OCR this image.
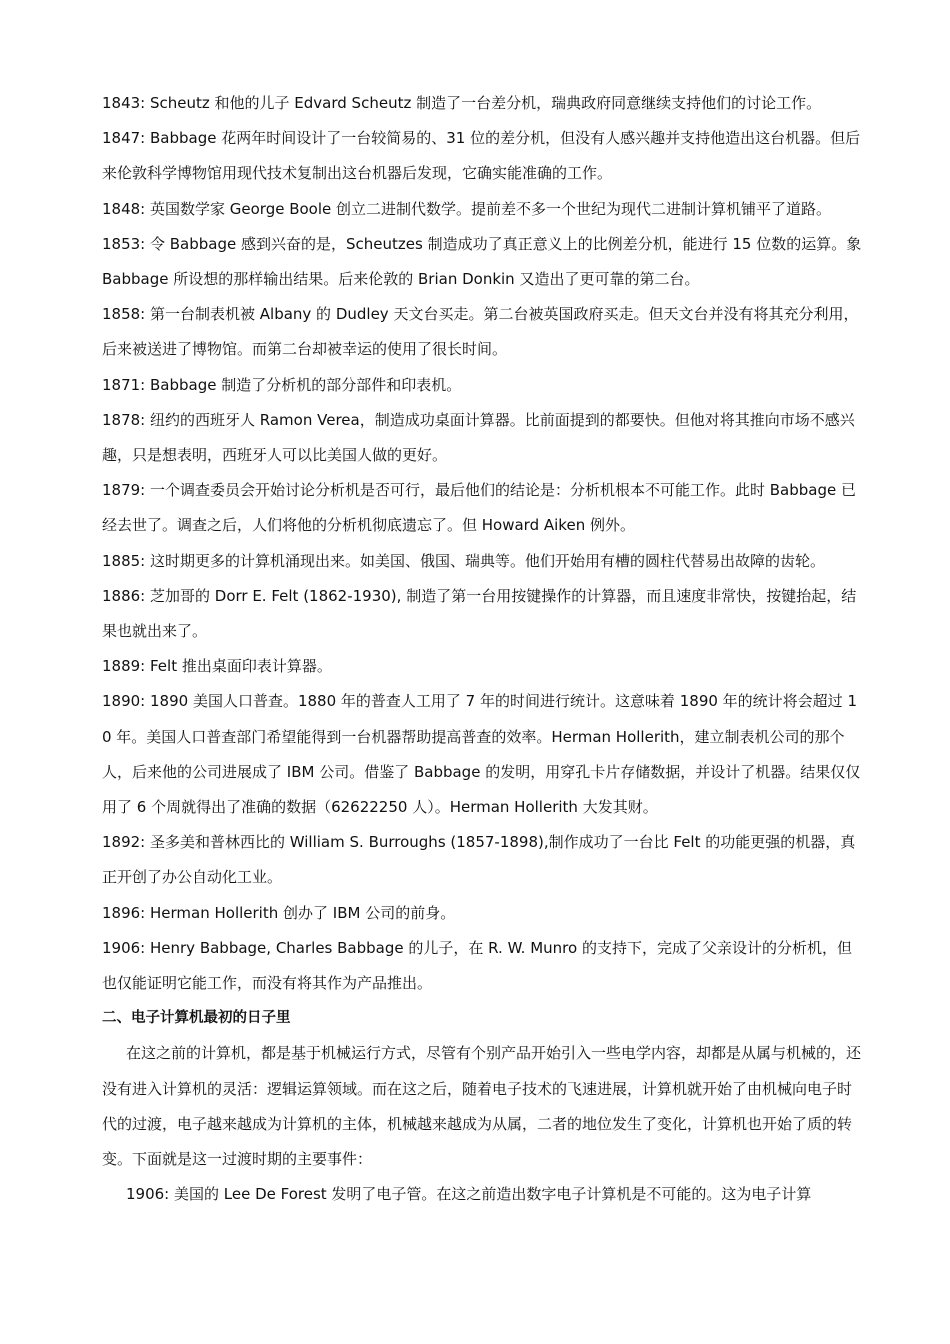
1843: Scheutz 和他的儿子 Edvard Scheutz 制造了一台差分机，瑞典政府同意继续支持他们的讨论工作。

1847: Babbage 花两年时间设计了一台较简易的、31 位的差分机，但没有人感兴趣并支持他造出这台机器。但后来伦敦科学博物馆用现代技术复制出这台机器后发现，它确实能准确的工作。

1848: 英国数学家 George Boole 创立二进制代数学。提前差不多一个世纪为现代二进制计算机铺平了道路。

1853: 令 Babbage 感到兴奋的是，Scheutzes 制造成功了真正意义上的比例差分机，能进行 15 位数的运算。象 Babbage 所设想的那样输出结果。后来伦敦的 Brian Donkin 又造出了更可靠的第二台。

1858: 第一台制表机被 Albany 的 Dudley 天文台买走。第二台被英国政府买走。但天文台并没有将其充分利用，后来被送进了博物馆。而第二台却被幸运的使用了很长时间。

1871: Babbage 制造了分析机的部分部件和印表机。

1878: 纽约的西班牙人 Ramon Verea，制造成功桌面计算器。比前面提到的都要快。但他对将其推向市场不感兴趣，只是想表明，西班牙人可以比美国人做的更好。

1879: 一个调查委员会开始讨论分析机是否可行，最后他们的结论是：分析机根本不可能工作。此时 Babbage 已经去世了。调查之后，人们将他的分析机彻底遗忘了。但 Howard Aiken 例外。

1885: 这时期更多的计算机涌现出来。如美国、俄国、瑞典等。他们开始用有槽的圆柱代替易出故障的齿轮。

1886: 芝加哥的 Dorr E. Felt (1862-1930), 制造了第一台用按键操作的计算器，而且速度非常快，按键抬起，结果也就出来了。

1889: Felt 推出桌面印表计算器。

1890: 1890 美国人口普查。1880 年的普查人工用了 7 年的时间进行统计。这意味着 1890 年的统计将会超过 10 年。美国人口普查部门希望能得到一台机器帮助提高普查的效率。Herman Hollerith，建立制表机公司的那个人，后来他的公司进展成了 IBM 公司。借鉴了 Babbage 的发明，用穿孔卡片存储数据，并设计了机器。结果仅仅用了 6 个周就得出了准确的数据（62622250 人）。Herman Hollerith 大发其财。

1892: 圣多美和普林西比的 William S. Burroughs (1857-1898),制作成功了一台比 Felt 的功能更强的机器，真正开创了办公自动化工业。

1896: Herman Hollerith 创办了 IBM 公司的前身。

1906: Henry Babbage, Charles Babbage 的儿子，在 R. W. Munro 的支持下，完成了父亲设计的分析机，但也仅能证明它能工作，而没有将其作为产品推出。

二、电子计算机最初的日子里

在这之前的计算机，都是基于机械运行方式，尽管有个别产品开始引入一些电学内容，却都是从属与机械的，还没有进入计算机的灵活：逻辑运算领域。而在这之后，随着电子技术的飞速进展，计算机就开始了由机械向电子时代的过渡，电子越来越成为计算机的主体，机械越来越成为从属，二者的地位发生了变化，计算机也开始了质的转变。下面就是这一过渡时期的主要事件：

1906: 美国的 Lee De Forest 发明了电子管。在这之前造出数字电子计算机是不可能的。这为电子计算
